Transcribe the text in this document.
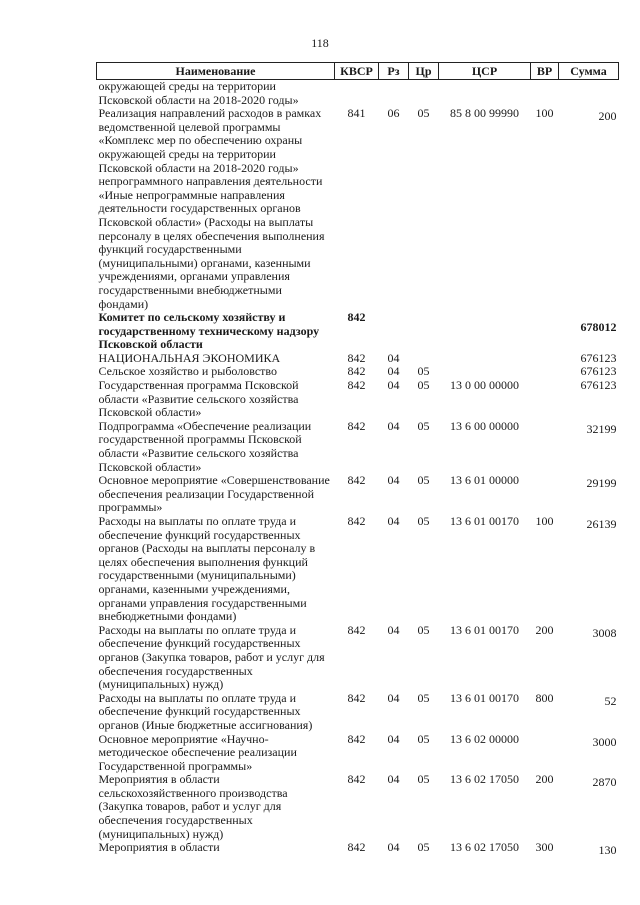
118
Наименование	КВСР	Рз	Цр	ЦСР	ВР	Сумма
окружающей среды на территории Псковской области на 2018-2020 годы»						
Реализация направлений расходов в рамках ведомственной целевой программы «Комплекс мер по обеспечению охраны окружающей среды на территории Псковской области на 2018-2020 годы» непрограммного направления деятельности «Иные непрограммные направления деятельности государственных органов Псковской области» (Расходы на выплаты персоналу в целях обеспечения выполнения функций государственными (муниципальными) органами, казенными учреждениями, органами управления государственными внебюджетными фондами)	841	06	05	85 8 00 99990	100	200
Комитет по сельскому хозяйству и государственному техническому надзору Псковской области	842					678012
НАЦИОНАЛЬНАЯ ЭКОНОМИКА	842	04				676123
Сельское хозяйство и рыболовство	842	04	05			676123
Государственная программа Псковской области «Развитие сельского хозяйства Псковской области»	842	04	05	13 0 00 00000		676123
Подпрограмма «Обеспечение реализации государственной программы Псковской области «Развитие сельского хозяйства Псковской области»	842	04	05	13 6 00 00000		32199
Основное мероприятие «Совершенствование обеспечения реализации Государственной программы»	842	04	05	13 6 01 00000		29199
Расходы на выплаты по оплате труда и обеспечение функций государственных органов (Расходы на выплаты персоналу в целях обеспечения выполнения функций государственными (муниципальными) органами, казенными учреждениями, органами управления государственными внебюджетными фондами)	842	04	05	13 6 01 00170	100	26139
Расходы на выплаты по оплате труда и обеспечение функций государственных органов (Закупка товаров, работ и услуг для обеспечения государственных (муниципальных) нужд)	842	04	05	13 6 01 00170	200	3008
Расходы на выплаты по оплате труда и обеспечение функций государственных органов (Иные бюджетные ассигнования)	842	04	05	13 6 01 00170	800	52
Основное мероприятие «Научно-методическое обеспечение реализации Государственной программы»	842	04	05	13 6 02 00000		3000
Мероприятия в области сельскохозяйственного производства (Закупка товаров, работ и услуг для обеспечения государственных (муниципальных) нужд)	842	04	05	13 6 02 17050	200	2870
Мероприятия в области	842	04	05	13 6 02 17050	300	130
